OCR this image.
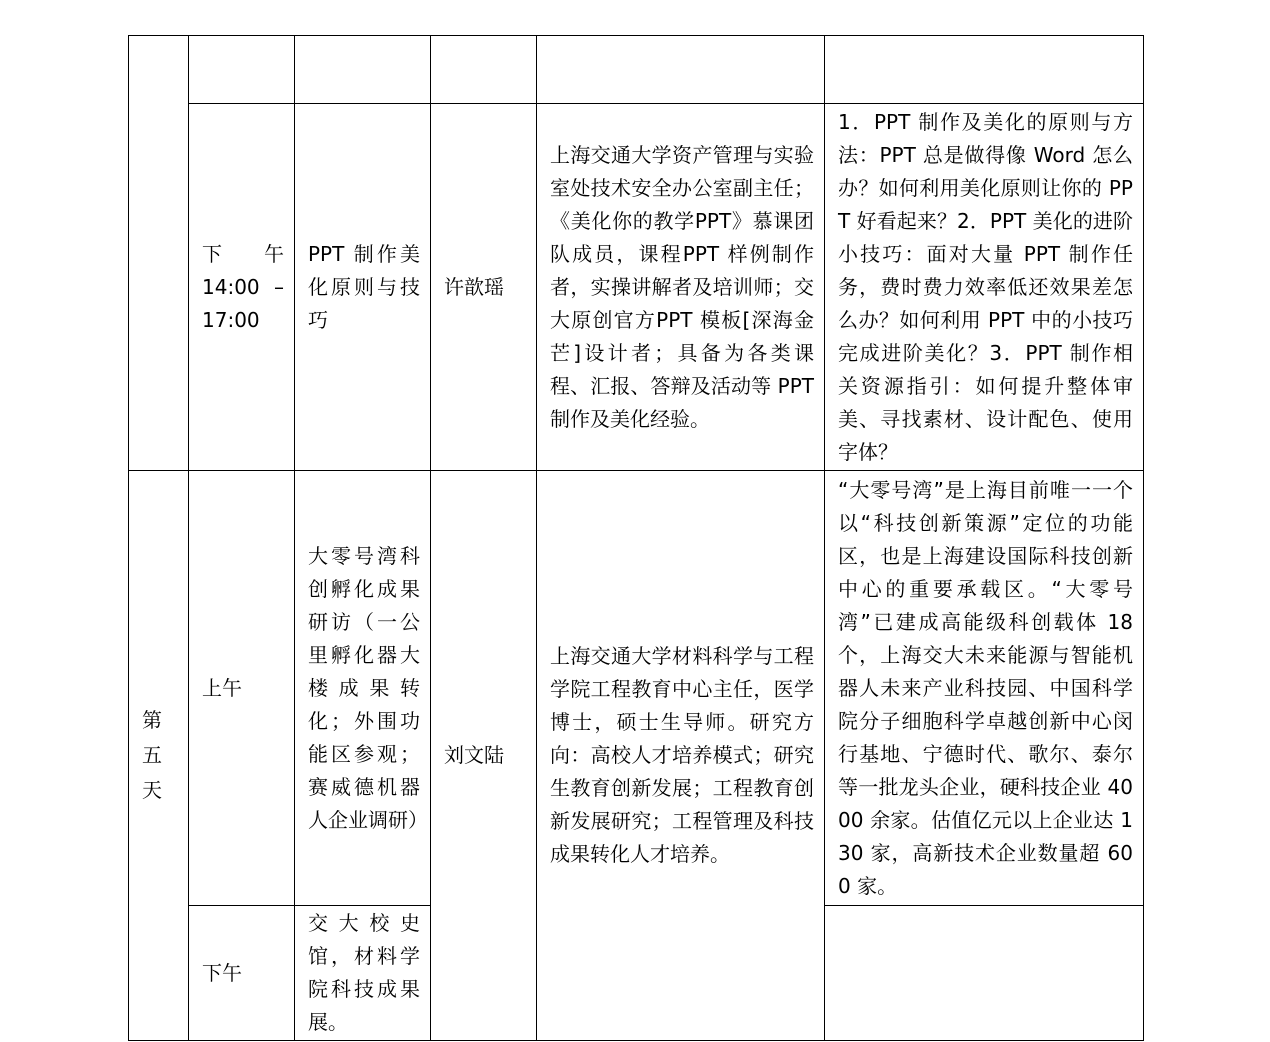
	下　　午 14:00 – 17:00	PPT 制作美化原则与技巧	许歆瑶	上海交通大学资产管理与实验室处技术安全办公室副主任；《美化你的教学PPT》慕课团队成员，课程PPT 样例制作者，实操讲解者及培训师；交大原创官方PPT 模板[深海金芒]设计者；具备为各类课程、汇报、答辩及活动等 PPT 制作及美化经验。	1．PPT 制作及美化的原则与方法：PPT 总是做得像 Word 怎么办？如何利用美化原则让你的 PPT 好看起来？2．PPT 美化的进阶小技巧：面对大量 PPT 制作任务，费时费力效率低还效果差怎么办？如何利用 PPT 中的小技巧完成进阶美化？3．PPT 制作相关资源指引：如何提升整体审美、寻找素材、设计配色、使用字体？

第五天	上午	大零号湾科创孵化成果研访（一公里孵化器大楼成果转化；外围功能区参观；赛威德机器人企业调研）	刘文陆	上海交通大学材料科学与工程学院工程教育中心主任，医学博士，硕士生导师。研究方向：高校人才培养模式；研究生教育创新发展；工程教育创新发展研究；工程管理及科技成果转化人才培养。	“大零号湾”是上海目前唯一一个以“科技创新策源”定位的功能区，也是上海建设国际科技创新中心的重要承载区。“大零号湾”已建成高能级科创载体 18 个，上海交大未来能源与智能机器人未来产业科技园、中国科学院分子细胞科学卓越创新中心闵行基地、宁德时代、歌尔、泰尔等一批龙头企业，硬科技企业 4000 余家。估值亿元以上企业达 130 家，高新技术企业数量超 600 家。

	下午	交大校史馆，材料学院科技成果展。			
